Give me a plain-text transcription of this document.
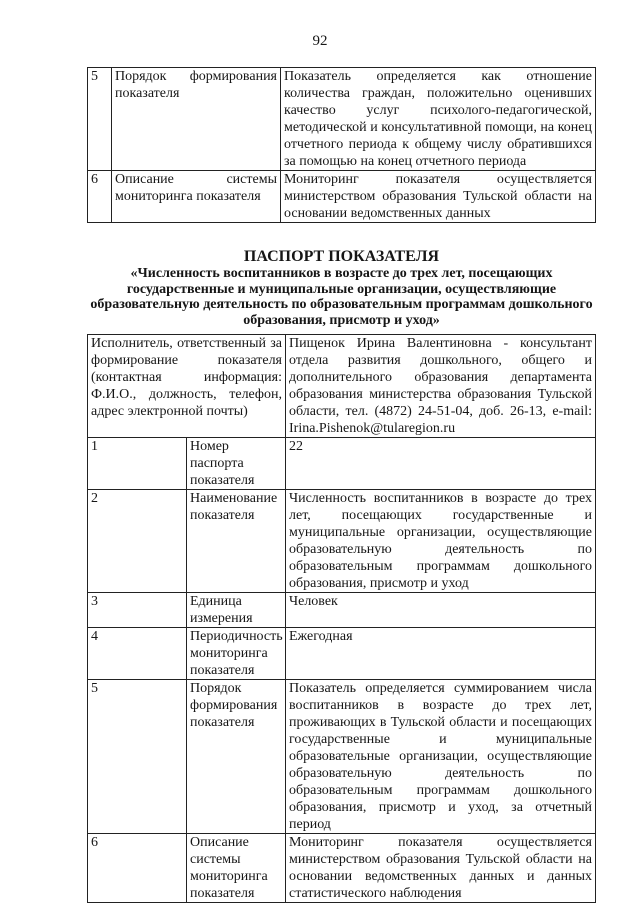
92
5	Порядок формирования показателя	Показатель определяется как отношение количества граждан, положительно оценивших качество услуг психолого-педагогической, методической и консультативной помощи, на конец отчетного периода к общему числу обратившихся за помощью на конец отчетного периода
6	Описание системы мониторинга показателя	Мониторинг показателя осуществляется министерством образования Тульской области на основании ведомственных данных
ПАСПОРТ ПОКАЗАТЕЛЯ
«Численность воспитанников в возрасте до трех лет, посещающих государственные и муниципальные организации, осуществляющие образовательную деятельность по образовательным программам дошкольного образования, присмотр и уход»
Исполнитель, ответственный за формирование показателя (контактная информация: Ф.И.О., должность, телефон, адрес электронной почты)		Пищенок Ирина Валентиновна - консультант отдела развития дошкольного, общего и дополнительного образования департамента образования министерства образования Тульской области, тел. (4872) 24-51-04, доб. 26-13, e-mail: Irina.Pishenok@tularegion.ru
1	Номер паспорта показателя	22
2	Наименование показателя	Численность воспитанников в возрасте до трех лет, посещающих государственные и муниципальные организации, осуществляющие образовательную деятельность по образовательным программам дошкольного образования, присмотр и уход
3	Единица измерения	Человек
4	Периодичность мониторинга показателя	Ежегодная
5	Порядок формирования показателя	Показатель определяется суммированием числа воспитанников в возрасте до трех лет, проживающих в Тульской области и посещающих государственные и муниципальные образовательные организации, осуществляющие образовательную деятельность по образовательным программам дошкольного образования, присмотр и уход, за отчетный период
6	Описание системы мониторинга показателя	Мониторинг показателя осуществляется министерством образования Тульской области на основании ведомственных данных и данных статистического наблюдения
